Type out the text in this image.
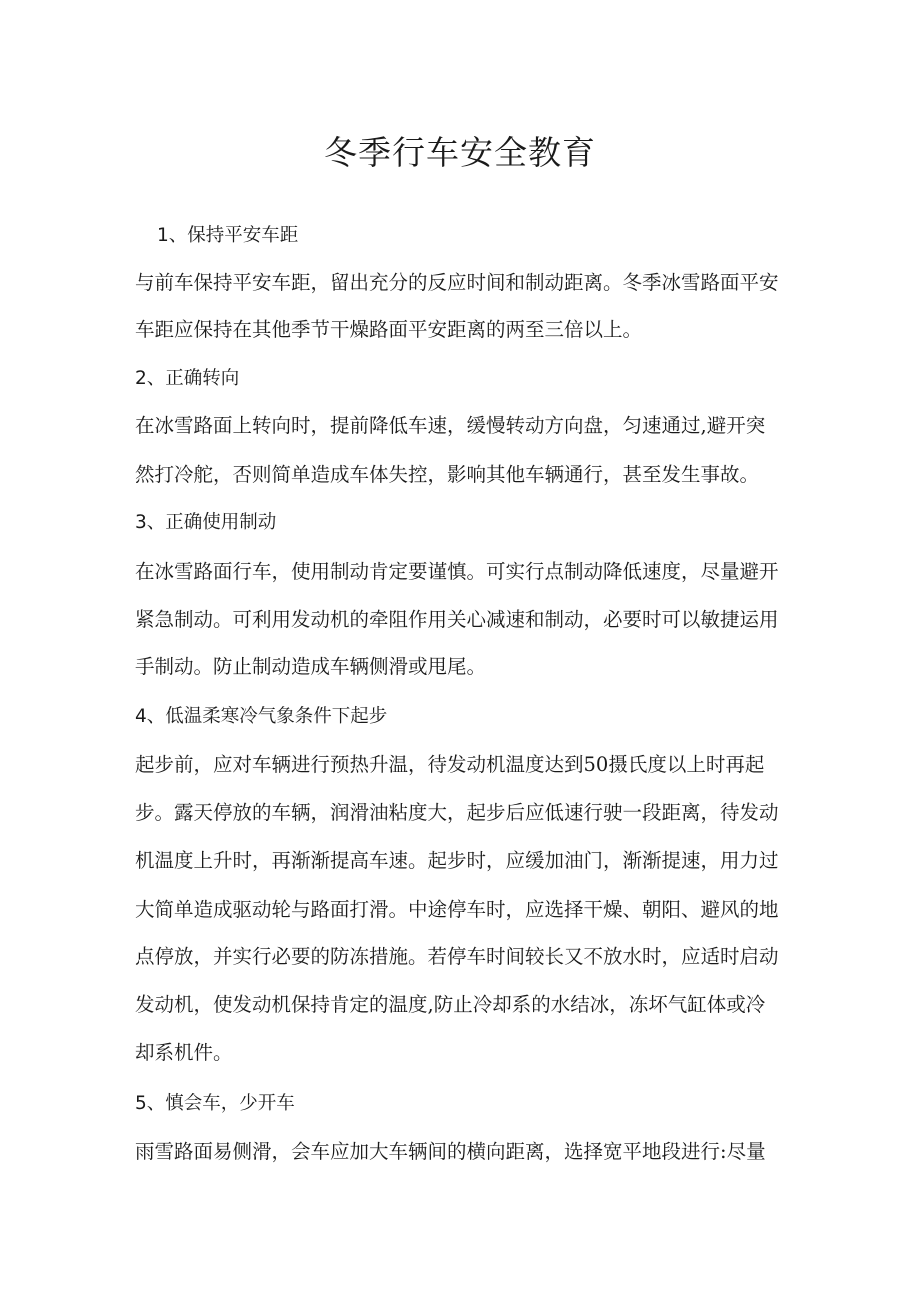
冬季行车安全教育

1、保持平安车距

与前车保持平安车距，留出充分的反应时间和制动距离。冬季冰雪路面平安

车距应保持在其他季节干燥路面平安距离的两至三倍以上。

2、正确转向

在冰雪路面上转向时，提前降低车速，缓慢转动方向盘，匀速通过,避开突

然打冷舵，否则简单造成车体失控，影响其他车辆通行，甚至发生事故。

3、正确使用制动

在冰雪路面行车，使用制动肯定要谨慎。可实行点制动降低速度，尽量避开

紧急制动。可利用发动机的牵阻作用关心减速和制动，必要时可以敏捷运用

手制动。防止制动造成车辆侧滑或甩尾。

4、低温柔寒冷气象条件下起步

起步前，应对车辆进行预热升温，待发动机温度达到50摄氏度以上时再起

步。露天停放的车辆，润滑油粘度大，起步后应低速行驶一段距离，待发动

机温度上升时，再渐渐提高车速。起步时，应缓加油门，渐渐提速，用力过

大简单造成驱动轮与路面打滑。中途停车时，应选择干燥、朝阳、避风的地

点停放，并实行必要的防冻措施。若停车时间较长又不放水时，应适时启动

发动机，使发动机保持肯定的温度,防止冷却系的水结冰，冻坏气缸体或冷

却系机件。

5、慎会车，少开车

雨雪路面易侧滑，会车应加大车辆间的横向距离，选择宽平地段进行:尽量
